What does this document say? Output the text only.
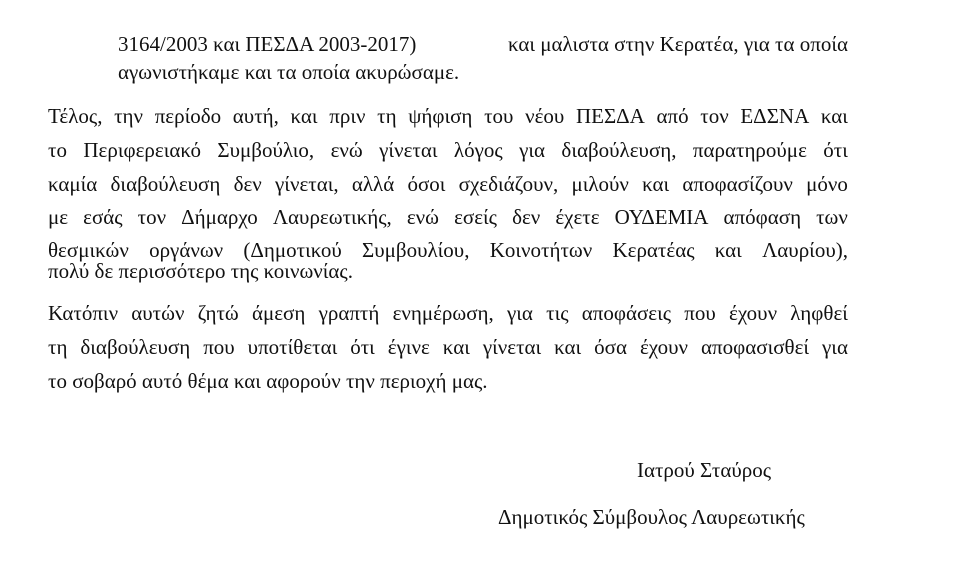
3164/2003 και ΠΕΣΔΑ 2003-2017)	και μαλιστα στην Κερατέα, για τα οποία
αγωνιστήκαμε και τα οποία ακυρώσαμε.
Τέλος, την περίοδο αυτή, και πριν τη ψήφιση του νέου ΠΕΣΔΑ από τον ΕΔΣΝΑ και
το Περιφερειακό Συμβούλιο, ενώ γίνεται λόγος για διαβούλευση, παρατηρούμε ότι
καμία διαβούλευση δεν γίνεται, αλλά όσοι σχεδιάζουν, μιλούν και αποφασίζουν μόνο
με εσάς τον Δήμαρχο Λαυρεωτικής, ενώ εσείς δεν έχετε ΟΥΔΕΜΙΑ απόφαση των
θεσμικών οργάνων (Δημοτικού Συμβουλίου, Κοινοτήτων Κερατέας και Λαυρίου),
πολύ δε περισσότερο της κοινωνίας.
Κατόπιν αυτών ζητώ άμεση γραπτή ενημέρωση, για τις αποφάσεις που έχουν ληφθεί
τη διαβούλευση που υποτίθεται ότι έγινε και γίνεται και όσα έχουν αποφασισθεί για
το σοβαρό αυτό θέμα και αφορούν την περιοχή μας.
Ιατρού Σταύρος
Δημοτικός Σύμβουλος Λαυρεωτικής
